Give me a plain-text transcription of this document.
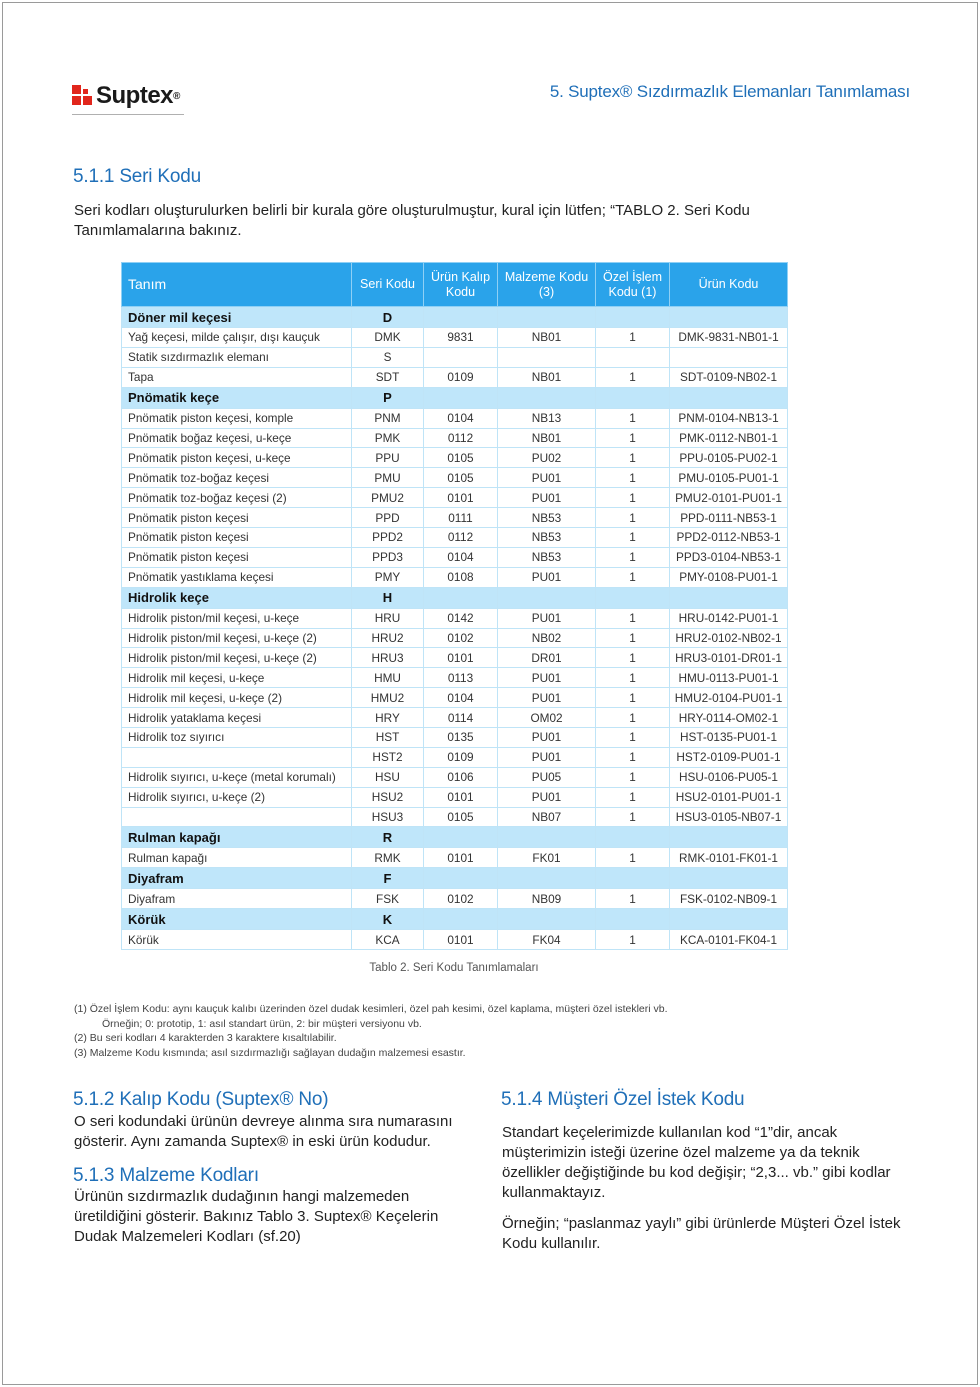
Suptex ®	5. Suptex® Sızdırmazlık Elemanları Tanımlaması
5.1.1 Seri Kodu
Seri kodları oluşturulurken belirli bir kurala göre oluşturulmuştur, kural için lütfen; “TABLO 2. Seri Kodu Tanımlamalarına bakınız.
Tanım	Seri Kodu	Ürün Kalıp Kodu	Malzeme Kodu (3)	Özel İşlem Kodu (1)	Ürün Kodu
Döner mil keçesi	D				
Yağ keçesi, milde çalışır, dışı kauçuk	DMK	9831	NB01	1	DMK-9831-NB01-1
Statik sızdırmazlık elemanı	S				
Tapa	SDT	0109	NB01	1	SDT-0109-NB02-1
Pnömatik keçe	P				
Pnömatik piston keçesi, komple	PNM	0104	NB13	1	PNM-0104-NB13-1
Pnömatik boğaz keçesi, u-keçe	PMK	0112	NB01	1	PMK-0112-NB01-1
Pnömatik piston keçesi, u-keçe	PPU	0105	PU02	1	PPU-0105-PU02-1
Pnömatik toz-boğaz keçesi	PMU	0105	PU01	1	PMU-0105-PU01-1
Pnömatik toz-boğaz keçesi (2)	PMU2	0101	PU01	1	PMU2-0101-PU01-1
Pnömatik piston keçesi	PPD	0111	NB53	1	PPD-0111-NB53-1
Pnömatik piston keçesi	PPD2	0112	NB53	1	PPD2-0112-NB53-1
Pnömatik piston keçesi	PPD3	0104	NB53	1	PPD3-0104-NB53-1
Pnömatik yastıklama keçesi	PMY	0108	PU01	1	PMY-0108-PU01-1
Hidrolik keçe	H				
Hidrolik piston/mil keçesi, u-keçe	HRU	0142	PU01	1	HRU-0142-PU01-1
Hidrolik piston/mil keçesi, u-keçe (2)	HRU2	0102	NB02	1	HRU2-0102-NB02-1
Hidrolik piston/mil keçesi, u-keçe (2)	HRU3	0101	DR01	1	HRU3-0101-DR01-1
Hidrolik mil keçesi, u-keçe	HMU	0113	PU01	1	HMU-0113-PU01-1
Hidrolik mil keçesi, u-keçe (2)	HMU2	0104	PU01	1	HMU2-0104-PU01-1
Hidrolik yataklama keçesi	HRY	0114	OM02	1	HRY-0114-OM02-1
Hidrolik toz sıyırıcı	HST	0135	PU01	1	HST-0135-PU01-1
	HST2	0109	PU01	1	HST2-0109-PU01-1
Hidrolik sıyırıcı, u-keçe (metal korumalı)	HSU	0106	PU05	1	HSU-0106-PU05-1
Hidrolik sıyırıcı, u-keçe (2)	HSU2	0101	PU01	1	HSU2-0101-PU01-1
	HSU3	0105	NB07	1	HSU3-0105-NB07-1
Rulman kapağı	R				
Rulman kapağı	RMK	0101	FK01	1	RMK-0101-FK01-1
Diyafram	F				
Diyafram	FSK	0102	NB09	1	FSK-0102-NB09-1
Körük	K				
Körük	KCA	0101	FK04	1	KCA-0101-FK04-1
Tablo 2. Seri Kodu Tanımlamaları
(1) Özel İşlem Kodu: aynı kauçuk kalıbı üzerinden özel dudak kesimleri, özel pah kesimi, özel kaplama, müşteri özel istekleri vb.
Örneğin; 0: prototip, 1: asıl standart ürün, 2: bir müşteri versiyonu vb.
(2) Bu seri kodları 4 karakterden 3 karaktere kısaltılabilir.
(3) Malzeme Kodu kısmında; asıl sızdırmazlığı sağlayan dudağın malzemesi esastır.
5.1.2 Kalıp Kodu (Suptex® No)
O seri kodundaki ürünün devreye alınma sıra numarasını gösterir. Aynı zamanda Suptex® in eski ürün kodudur.
5.1.3 Malzeme Kodları
Ürünün sızdırmazlık dudağının hangi malzemeden üretildiğini gösterir. Bakınız Tablo 3. Suptex® Keçelerin Dudak Malzemeleri Kodları (sf.20)
5.1.4 Müşteri Özel İstek Kodu
Standart keçelerimizde kullanılan kod “1”dir, ancak müşterimizin isteği üzerine özel malzeme ya da teknik özellikler değiştiğinde bu kod değişir; “2,3... vb.” gibi kodlar kullanmaktayız.
Örneğin; “paslanmaz yaylı” gibi ürünlerde Müşteri Özel İstek Kodu kullanılır.
